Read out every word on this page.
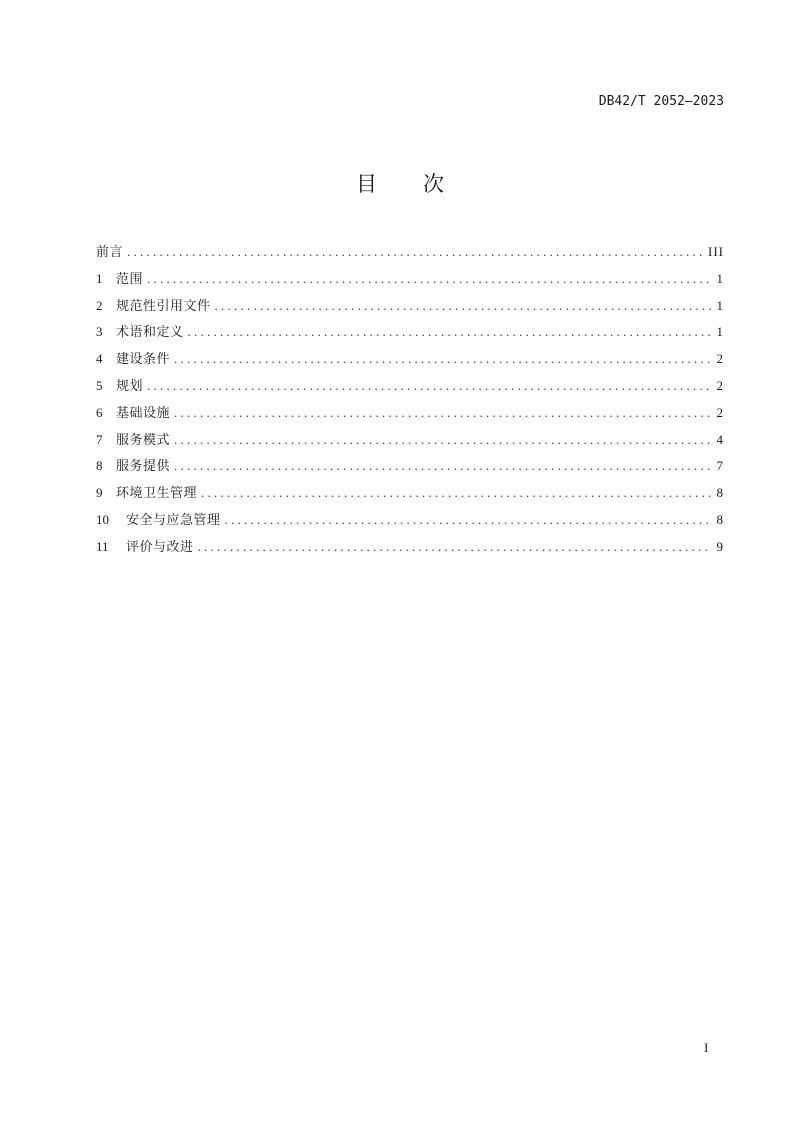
DB42/T 2052—2023
目 次
前言 . . .	III
1	范围 . . .	1
2	规范性引用文件 . . .	1
3	术语和定义 . . .	1
4	建设条件 . . .	2
5	规划 . . .	2
6	基础设施 . . .	2
7	服务模式 . . .	4
8	服务提供 . . .	7
9	环境卫生管理 . . .	8
10	安全与应急管理 . . .	8
11	评价与改进 . . .	9
I
